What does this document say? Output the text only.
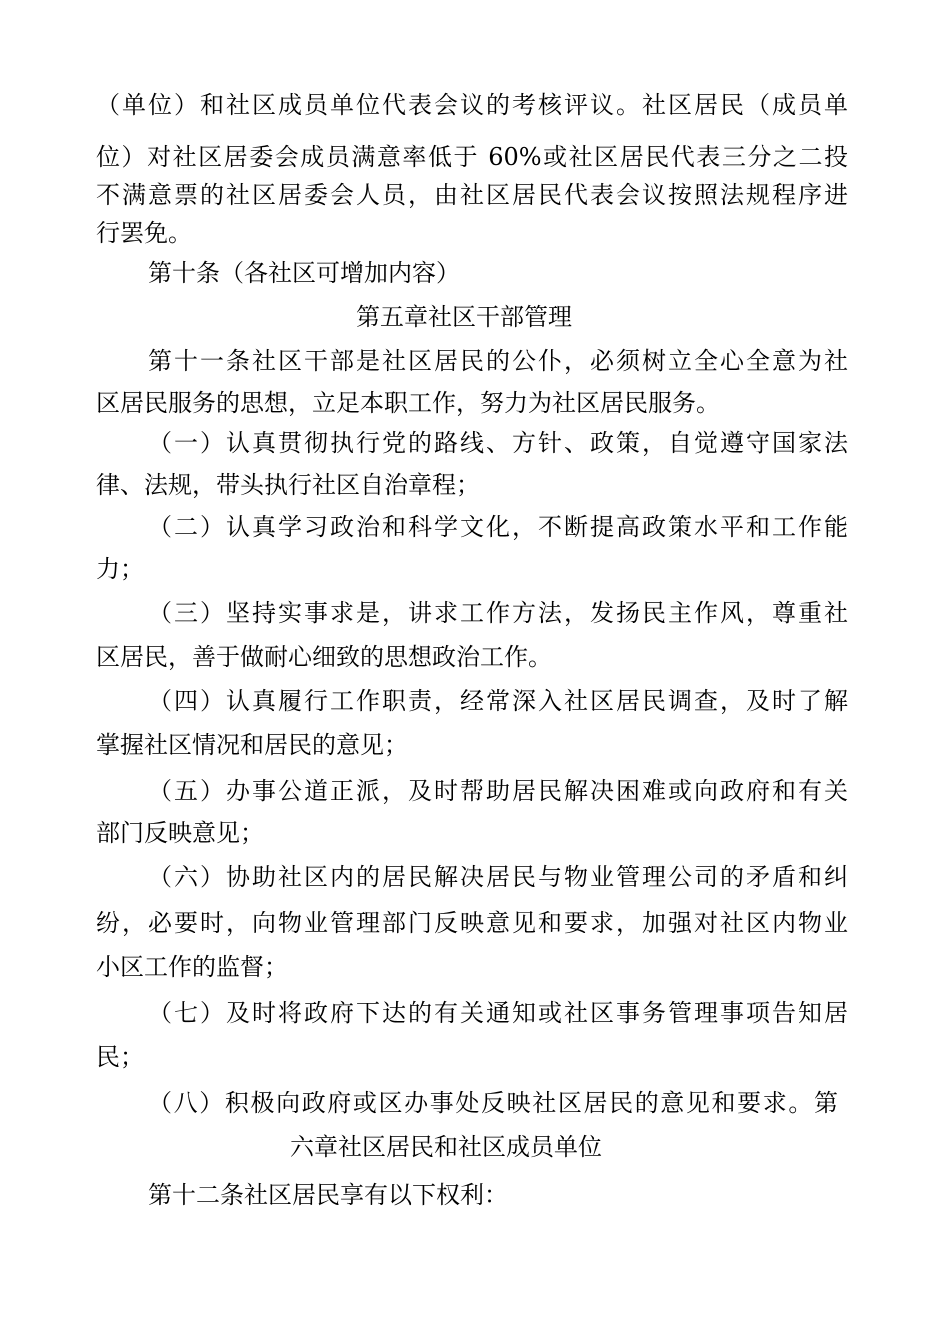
（单位）和社区成员单位代表会议的考核评议。社区居民（成员单
位）对社区居委会成员满意率低于 60%或社区居民代表三分之二投
不满意票的社区居委会人员，由社区居民代表会议按照法规程序进
行罢免。
第十条（各社区可增加内容）
第五章社区干部管理
第十一条社区干部是社区居民的公仆，必须树立全心全意为社
区居民服务的思想，立足本职工作，努力为社区居民服务。
（一）认真贯彻执行党的路线、方针、政策，自觉遵守国家法
律、法规，带头执行社区自治章程；
（二）认真学习政治和科学文化，不断提高政策水平和工作能
力；
（三）坚持实事求是，讲求工作方法，发扬民主作风，尊重社
区居民，善于做耐心细致的思想政治工作。
（四）认真履行工作职责，经常深入社区居民调查，及时了解
掌握社区情况和居民的意见；
（五）办事公道正派，及时帮助居民解决困难或向政府和有关
部门反映意见；
（六）协助社区内的居民解决居民与物业管理公司的矛盾和纠
纷，必要时，向物业管理部门反映意见和要求，加强对社区内物业
小区工作的监督；
（七）及时将政府下达的有关通知或社区事务管理事项告知居
民；
（八）积极向政府或区办事处反映社区居民的意见和要求。第
六章社区居民和社区成员单位
第十二条社区居民享有以下权利：
